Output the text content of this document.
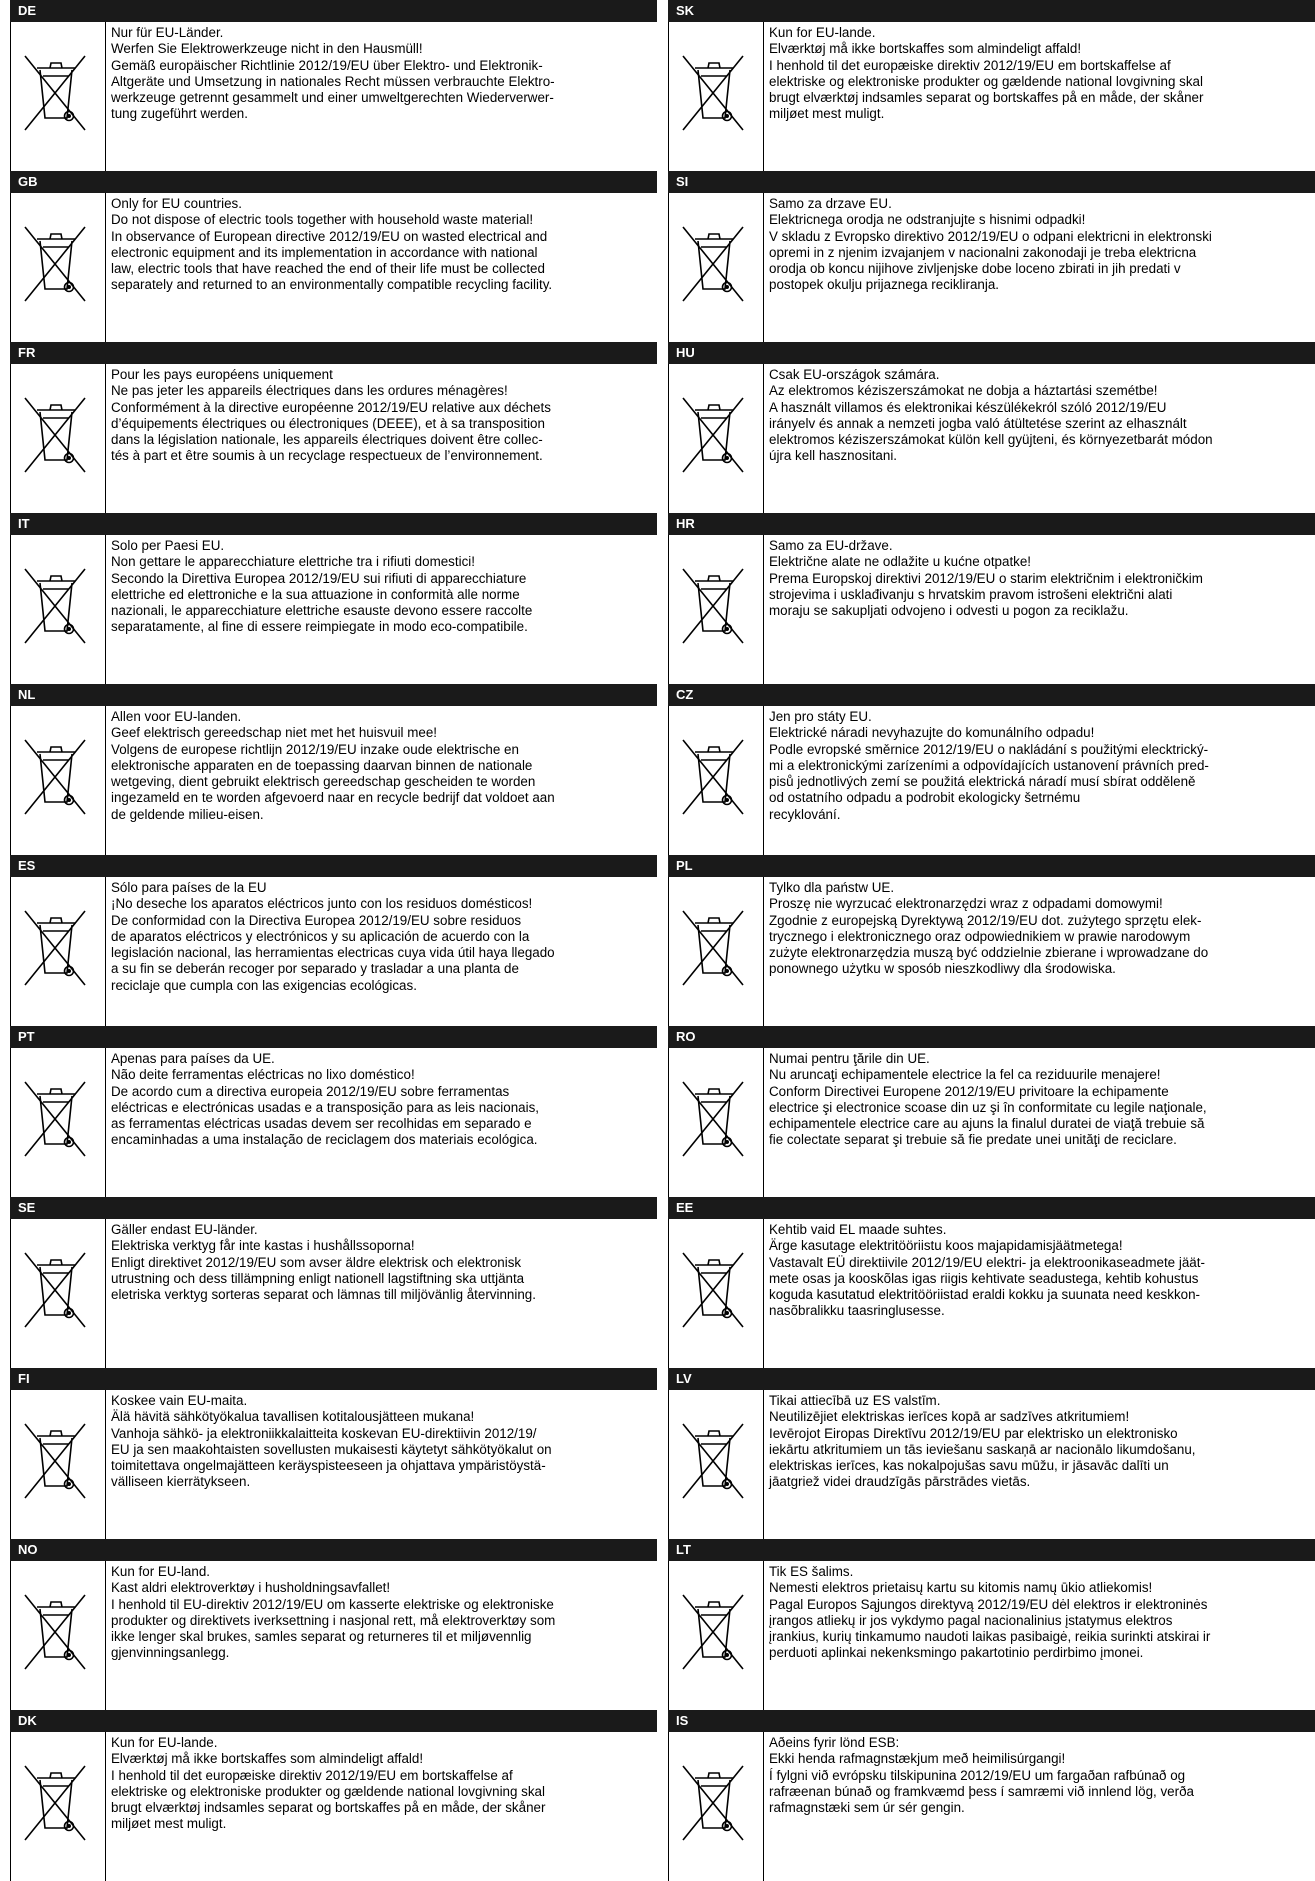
DE
Nur für EU-Länder.
Werfen Sie Elektrowerkzeuge nicht in den Hausmüll!
Gemäß europäischer Richtlinie 2012/19/EU über Elektro- und Elektronik-
Altgeräte und Umsetzung in nationales Recht müssen verbrauchte Elektro-
werkzeuge getrennt gesammelt und einer umweltgerechten Wiederverwer-
tung zugeführt werden.
GB
Only for EU countries.
Do not dispose of electric tools together with household waste material!
In observance of European directive 2012/19/EU on wasted electrical and
electronic equipment and its implementation in accordance with national
law, electric tools that have reached the end of their life must be collected
separately and returned to an environmentally compatible recycling facility.
FR
Pour les pays européens uniquement
Ne pas jeter les appareils électriques dans les ordures ménagères!
Conformément à la directive européenne 2012/19/EU relative aux déchets
d’équipements électriques ou électroniques (DEEE), et à sa transposition
dans la législation nationale, les appareils électriques doivent être collec-
tés à part et être soumis à un recyclage respectueux de l’environnement.
IT
Solo per Paesi EU.
Non gettare le apparecchiature elettriche tra i rifiuti domestici!
Secondo la Direttiva Europea 2012/19/EU sui rifiuti di apparecchiature
elettriche ed elettroniche e la sua attuazione in conformità alle norme
nazionali, le apparecchiature elettriche esauste devono essere raccolte
separatamente, al fine di essere reimpiegate in modo eco-compatibile.
NL
Allen voor EU-landen.
Geef elektrisch gereedschap niet met het huisvuil mee!
Volgens de europese richtlijn 2012/19/EU inzake oude elektrische en
elektronische apparaten en de toepassing daarvan binnen de nationale
wetgeving, dient gebruikt elektrisch gereedschap gescheiden te worden
ingezameld en te worden afgevoerd naar en recycle bedrijf dat voldoet aan
de geldende milieu-eisen.
ES
Sólo para países de la EU
¡No deseche los aparatos eléctricos junto con los residuos domésticos!
De conformidad con la Directiva Europea 2012/19/EU sobre residuos
de aparatos eléctricos y electrónicos y su aplicación de acuerdo con la
legislación nacional, las herramientas electricas cuya vida útil haya llegado
a su fin se deberán recoger por separado y trasladar a una planta de
reciclaje que cumpla con las exigencias ecológicas.
PT
Apenas para países da UE.
Não deite ferramentas eléctricas no lixo doméstico!
De acordo cum a directiva europeia 2012/19/EU sobre ferramentas
eléctricas e electrónicas usadas e a transposição para as leis nacionais,
as ferramentas eléctricas usadas devem ser recolhidas em separado e
encaminhadas a uma instalação de reciclagem dos materiais ecológica.
SE
Gäller endast EU-länder.
Elektriska verktyg får inte kastas i hushållssoporna!
Enligt direktivet 2012/19/EU som avser äldre elektrisk och elektronisk
utrustning och dess tillämpning enligt nationell lagstiftning ska uttjänta
eletriska verktyg sorteras separat och lämnas till miljövänlig återvinning.
FI
Koskee vain EU-maita.
Älä hävitä sähkötyökalua tavallisen kotitalousjätteen mukana!
Vanhoja sähkö- ja elektroniikkalaitteita koskevan EU-direktiivin 2012/19/
EU ja sen maakohtaisten sovellusten mukaisesti käytetyt sähkötyökalut on
toimitettava ongelmajätteen keräyspisteeseen ja ohjattava ympäristöystä-
välliseen kierrätykseen.
NO
Kun for EU-land.
Kast aldri elektroverktøy i husholdningsavfallet!
I henhold til EU-direktiv 2012/19/EU om kasserte elektriske og elektroniske
produkter og direktivets iverksettning i nasjonal rett, må elektroverktøy som
ikke lenger skal brukes, samles separat og returneres til et miljøvennlig
gjenvinningsanlegg.
DK
Kun for EU-lande.
Elværktøj må ikke bortskaffes som almindeligt affald!
I henhold til det europæiske direktiv 2012/19/EU em bortskaffelse af
elektriske og elektroniske produkter og gældende national lovgivning skal
brugt elværktøj indsamles separat og bortskaffes på en måde, der skåner
miljøet mest muligt.
SK
Kun for EU-lande.
Elværktøj må ikke bortskaffes som almindeligt affald!
I henhold til det europæiske direktiv 2012/19/EU em bortskaffelse af
elektriske og elektroniske produkter og gældende national lovgivning skal
brugt elværktøj indsamles separat og bortskaffes på en måde, der skåner
miljøet mest muligt.
SI
Samo za drzave EU.
Elektricnega orodja ne odstranjujte s hisnimi odpadki!
V skladu z Evropsko direktivo 2012/19/EU o odpani elektricni in elektronski
opremi in z njenim izvajanjem v nacionalni zakonodaji je treba elektricna
orodja ob koncu nijihove zivljenjske dobe loceno zbirati in jih predati v
postopek okulju prijaznega recikliranja.
HU
Csak EU-országok számára.
Az elektromos kéziszerszámokat ne dobja a háztartási szemétbe!
A használt villamos és elektronikai készülékekról szóló 2012/19/EU
irányelv és annak a nemzeti jogba való átültetése szerint az elhasznált
elektromos kéziszerszámokat külön kell gyüjteni, és környezetbarát módon
újra kell hasznositani.
HR
Samo za EU-države.
Električne alate ne odlažite u kućne otpatke!
Prema Europskoj direktivi 2012/19/EU o starim električnim i elektroničkim
strojevima i usklađivanju s hrvatskim pravom istrošeni električni alati
moraju se sakupljati odvojeno i odvesti u pogon za reciklažu.
CZ
Jen pro státy EU.
Elektrické náradi nevyhazujte do komunálního odpadu!
Podle evropské směrnice 2012/19/EU o nakládání s použitými elecktrický-
mi a elektronickými zarízeními a odpovídajících ustanovení právních pred-
pisů jednotlivých zemí se použitá elektrická náradí musí sbírat odděleně
od ostatního odpadu a podrobit ekologicky šetrnému
recyklování.
PL
Tylko dla państw UE.
Proszę nie wyrzucać elektronarzędzi wraz z odpadami domowymi!
Zgodnie z europejską Dyrektywą 2012/19/EU dot. zużytego sprzętu elek-
trycznego i elektronicznego oraz odpowiednikiem w prawie narodowym
zużyte elektronarzędzia muszą być oddzielnie zbierane i wprowadzane do
ponownego użytku w sposób nieszkodliwy dla środowiska.
RO
Numai pentru ţările din UE.
Nu aruncaţi echipamentele electrice la fel ca reziduurile menajere!
Conform Directivei Europene 2012/19/EU privitoare la echipamente
electrice şi electronice scoase din uz şi în conformitate cu legile naţionale,
echipamentele electrice care au ajuns la finalul duratei de viaţă trebuie să
fie colectate separat şi trebuie să fie predate unei unităţi de reciclare.
EE
Kehtib vaid EL maade suhtes.
Ärge kasutage elektritööriistu koos majapidamisjäätmetega!
Vastavalt EÜ direktiivile 2012/19/EU elektri- ja elektroonikaseadmete jäät-
mete osas ja kooskõlas igas riigis kehtivate seadustega, kehtib kohustus
koguda kasutatud elektritööriistad eraldi kokku ja suunata need keskkon-
nasõbralikku taasringlusesse.
LV
Tikai attiecībā uz ES valstīm.
Neutilizējiet elektriskas ierīces kopā ar sadzīves atkritumiem!
Ievērojot Eiropas Direktīvu 2012/19/EU par elektrisko un elektronisko
iekārtu atkritumiem un tās ieviešanu saskaņā ar nacionālo likumdošanu,
elektriskas ierīces, kas nokalpojušas savu mūžu, ir jāsavāc dalīti un
jāatgriež videi draudzīgās pārstrādes vietās.
LT
Tik ES šalims.
Nemesti elektros prietaisų kartu su kitomis namų ūkio atliekomis!
Pagal Europos Sąjungos direktyvą 2012/19/EU dėl elektros ir elektroninės
įrangos atliekų ir jos vykdymo pagal nacionalinius įstatymus elektros
įrankius, kurių tinkamumo naudoti laikas pasibaigė, reikia surinkti atskirai ir
perduoti aplinkai nekenksmingo pakartotinio perdirbimo įmonei.
IS
Aðeins fyrir lönd ESB:
Ekki henda rafmagnstækjum með heimilisúrgangi!
Í fylgni við evrópsku tilskipunina 2012/19/EU um fargaðan rafbúnað og
rafræenan búnað og framkvæmd þess í samræmi við innlend lög, verða
rafmagnstæki sem úr sér gengin.
